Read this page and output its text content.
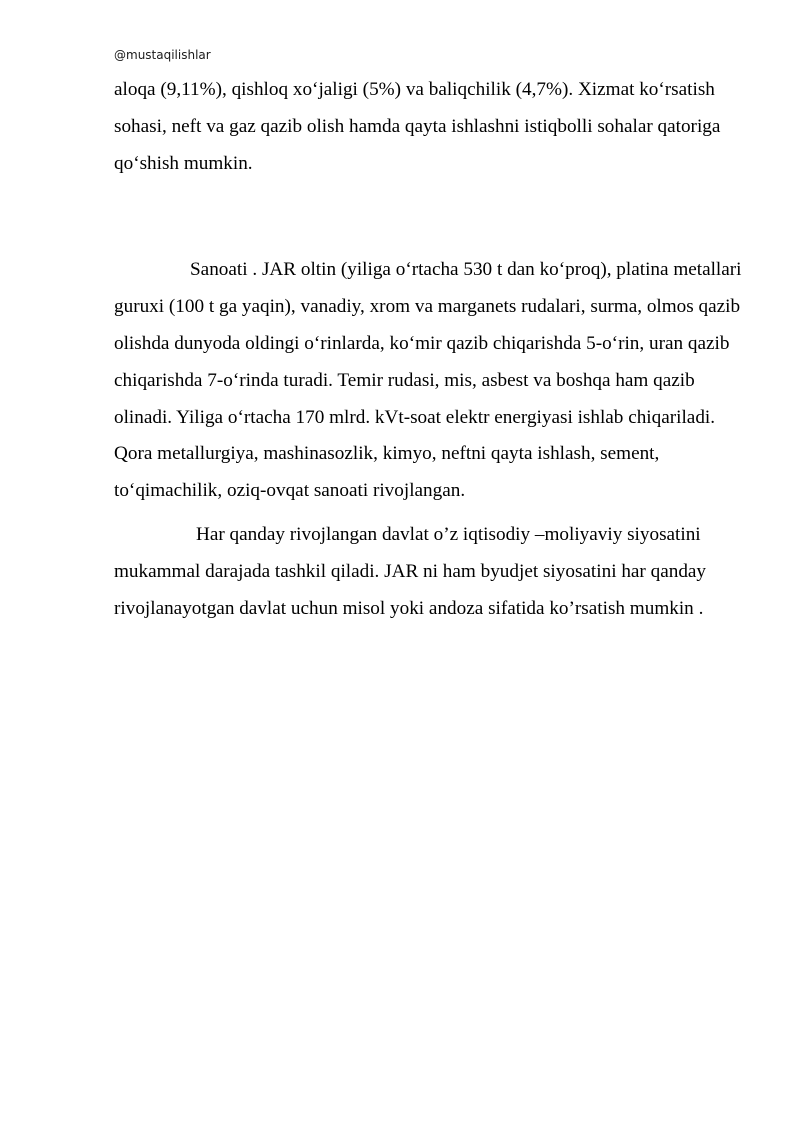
@mustaqilishlar

aloqa (9,11%), qishloq xo‘jaligi (5%) va baliqchilik (4,7%). Xizmat ko‘rsatish sohasi, neft va gaz qazib olish hamda qayta ishlashni istiqbolli sohalar qatoriga qo‘shish mumkin.

Sanoati . JAR oltin (yiliga o‘rtacha 530 t dan ko‘proq), platina metallari guruxi (100 t ga yaqin), vanadiy, xrom va marganets rudalari, surma, olmos qazib olishda dunyoda oldingi o‘rinlarda, ko‘mir qazib chiqarishda 5-o‘rin, uran qazib chiqarishda 7-o‘rinda turadi. Temir rudasi, mis, asbest va boshqa ham qazib olinadi. Yiliga o‘rtacha 170 mlrd. kVt-soat elektr energiyasi ishlab chiqariladi. Qora metallurgiya, mashinasozlik, kimyo, neftni qayta ishlash, sement, to‘qimachilik, oziq-ovqat sanoati rivojlangan.

Har qanday rivojlangan davlat o’z iqtisodiy –moliyaviy siyosatini mukammal darajada tashkil qiladi. JAR ni ham byudjet siyosatini har qanday rivojlanayotgan davlat uchun misol yoki andoza sifatida ko’rsatish mumkin .
